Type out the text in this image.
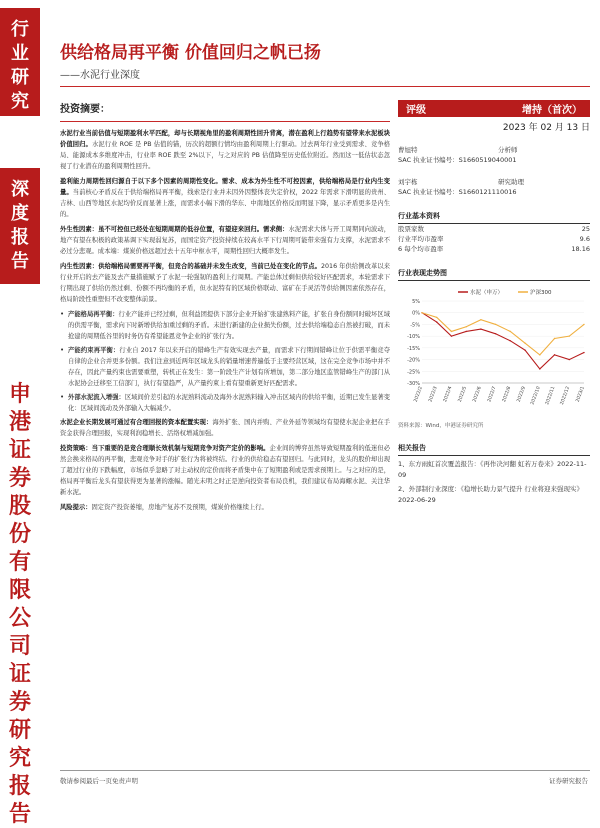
行
业
研
究
深
度
报
告
申
港
证
券
股
份
有
限
公
司
证
券
研
究
报
告
供给格局再平衡 价值回归之帆已扬
——水泥行业深度
投资摘要：
水泥行业当前估值与短期盈利水平匹配，却与长期视角里的盈利周期性回升背离，潜在盈利上行趋势有望带来水泥板块价值回归。水泥行业 ROE 是 PB 估值的锚，历次的超额行情均由盈利周期上行驱动。过去两年行业受到需求、竞争格局、能源成本多维度冲击，行业率 ROE 跌至 2%以下，与之对应的 PB 估值降至历史低位附近。然而这一低估状态忽视了行业潜在的盈利周期性回升。
盈利能力周期性回归源自于以下多个因素的周期性变化。需求、成本为外生性不可控因素，供给端格局是行业内生变量。当前核心矛盾反在于供给端格局再平衡，线索是行业并未因外因整体丧失定价权，2022 年需求下滑明显的贵州、吉林、山西等地区水泥均价反而显著上涨，而需求小幅下滑的华东、中南地区价格反而明显下降，显示矛盾更多是内生的。
外生性因素：虽不可控但已经处在短期周期的低谷位置，有望迎来回归。需求侧：水泥需求大体与开工周期同向波动，地产有望在积极的政策基调下实现弱复苏，而国定资产投资持续在较高水平下行周期可能带来强有力支撑，水泥需求不必过分悲观。成本端：煤炭价格远超过去十五年中枢水平，周期性回归大概率发生。
内生性因素：供给端格局需要再平衡，但竞合的基础并未发生改变，当前已处在变化的节点。2016 年供给侧改革以来行业开启的去产能及去产量措施赋予了水泥一轮强韧的盈利上行周期。产能总体过剩但供给较好匹配需求，本轮需求下行期出现了供给仍然过剩、份额不再均衡的矛盾，但水泥特有的区域价格联动、富矿在手灵活等供给侧因素依然存在，格局阶段性重塑但不改变整体前景。
• 产能格局再平衡：行业产能并已经过剩，但利益团提供下部分企业开始扩张建熟料产能，扩张自身份额同时破坏区域的供需平衡，需求向下时新增供给加重过剩的矛盾。未进行新建的企业损失份额，过去供给端稳态自然被打破，而未抢建的周期低谷里的时务仍有希望能恩竞争企业的扩张行为。
• 产能约束再平衡：行业自 2017 年以来开启的错峰生产有效实现去产量，而需求下行期间错峰让位于供需平衡竞夺自律的企业合并更多份额。我们注意到近两年区域龙头的销量增速普遍低于主要经营区域，这在完全竞争市场中并不存在，因此产量约束也需要重塑，转机正在发生：第一阶段生产计划有所增加，第二部分地区监管错峰生产的部门从水泥协会迁移至工信部门，执行有望趋严，从产量约束上看有望重新更好匹配需求。
• 外部水泥流入增强：区域间价差引起的水泥熟料流动及海外水泥熟料输入冲击区域内的供给平衡，近期已发生显著变化：区域间流动及外部输入大幅减少。
水泥企业长期发展可通过有合理回报的资本配置实现：海外扩张、国内并购、产业外延等领域均有望使水泥企业把在手资金获得合理回报，实现利润稳增长、活络权增减加强。
投资策略：当下重要的是竞合理顺长效机制与短期竞争对资产定价的影响。企业间的博弈虽然导致短期盈利的低迷但必然会换来格局的再平衡，悲观竞争对手的扩张行为将被终结。行业的供给稳态有望回归。与此同时，龙头的股价却出现了超过行业的下跌幅度，市场似乎忽略了对主动权的定价而将矛盾集中在了短期盈利或是需求预期上。与之对应的是，格局再平衡后龙头有望获得更为显著的涨幅。随光未明之时正是逆向投资者布局良机，我们建议布局海螺水泥、关注华新水泥。
风险提示：固定资产投资萎缩，房地产复苏不及预期，煤炭价格继续上行。
评级	增持（首次）
2023 年 02 月 13 日
曹旭特	分析师
SAC 执业证书编号：S1660519040001
刘宇栋	研究助理
SAC 执业证书编号：S1660121110016
行业基本资料
股票家数	25
行业平均市盈率	9.6
6 每个均市盈率	18.16
行业表现走势图
5%
0%
-5%
-10%
-15%
-20%
-25%
-30%
2022/2 2022/3 2022/4 2022/5 2022/6 2022/7 2022/8 2022/9 2022/10 2022/11 2022/12 2023/1
水泥（申万）	沪深300
资料来源：Wind，申港证券研究所
相关报告
1、东方雨虹首次覆盖报告：《再作决河翻 虹若万卷来》2022-11-09
2、外部制行业深度：《稳增长助力景气提升 行业将迎来强现实》2022-06-29
敬请参阅最后一页免责声明	证券研究报告
